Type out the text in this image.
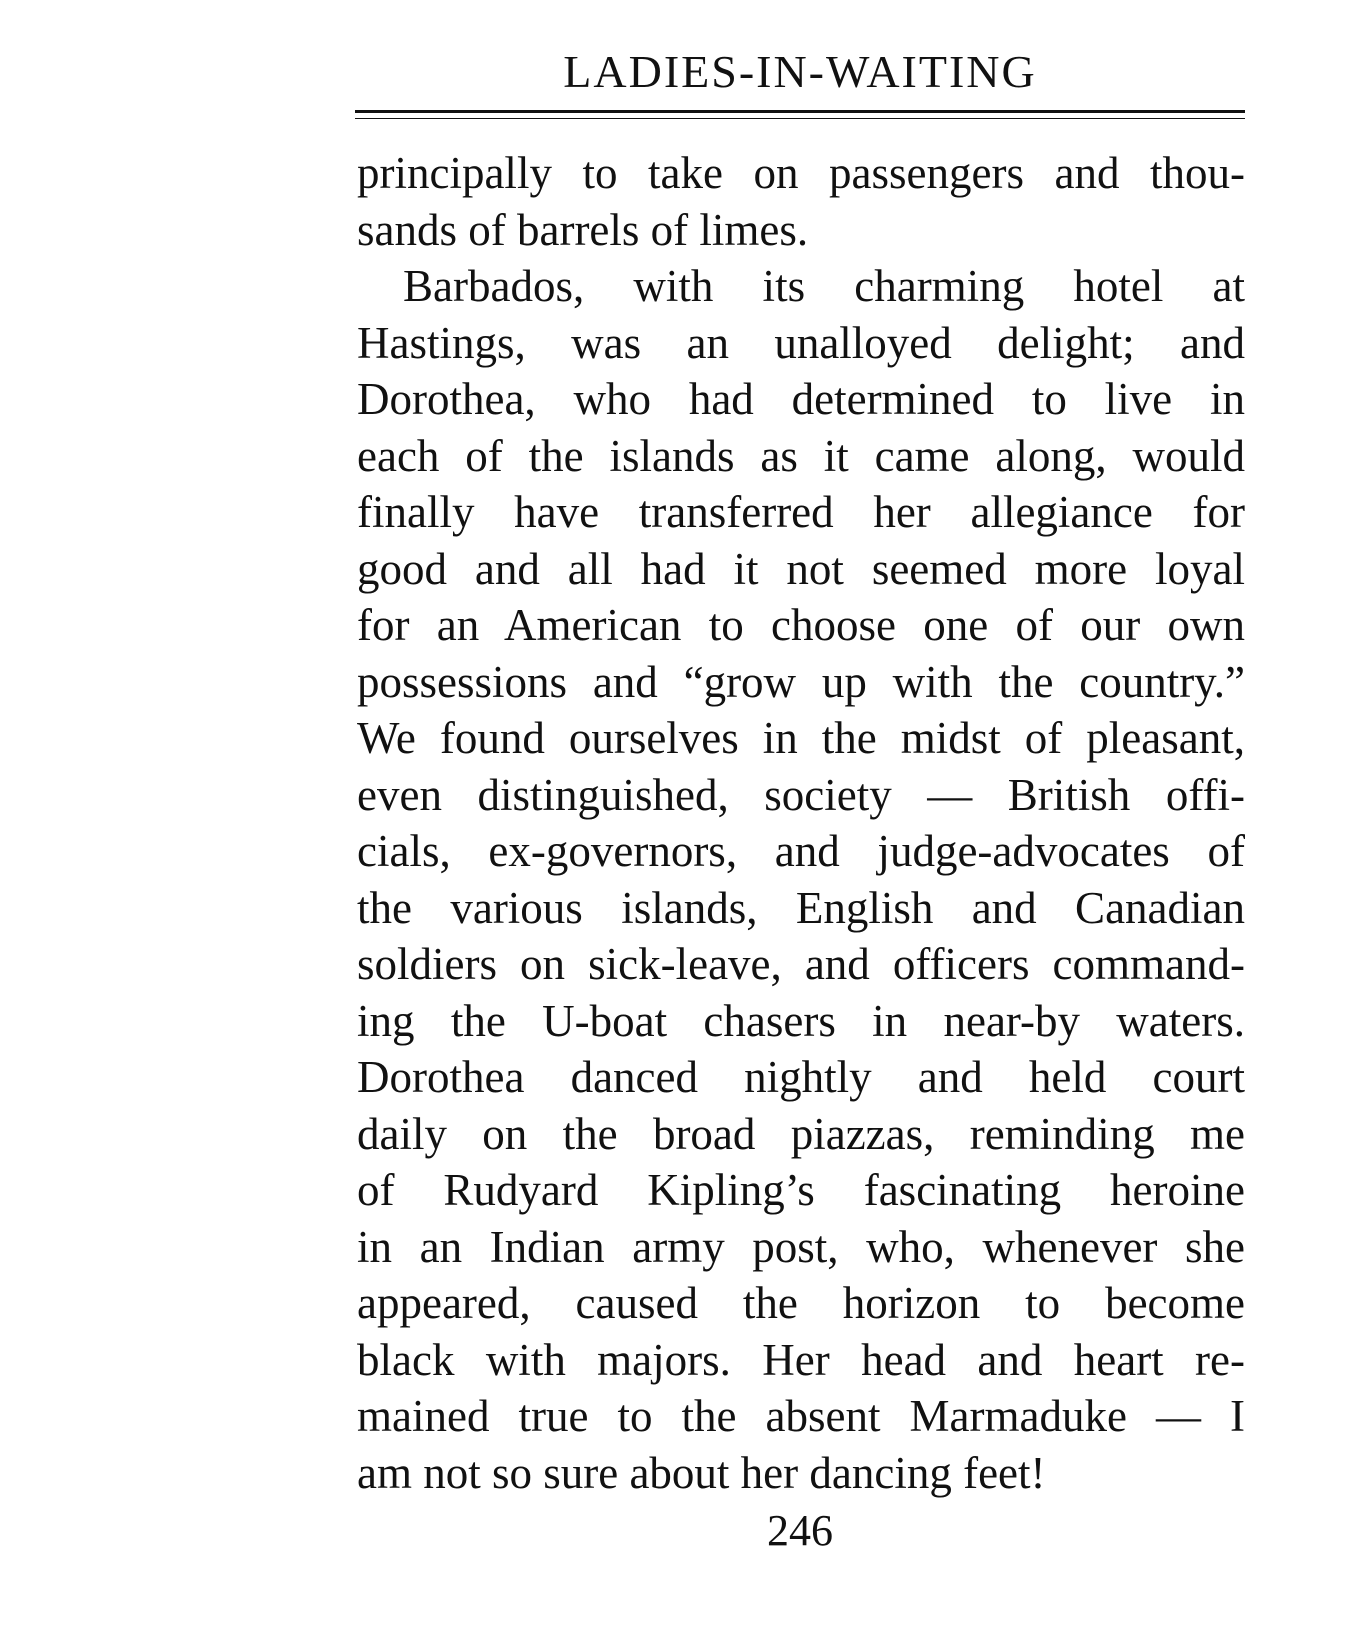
LADIES-IN-WAITING
principally to take on passengers and thou-
sands of barrels of limes.
Barbados, with its charming hotel at
Hastings, was an unalloyed delight; and
Dorothea, who had determined to live in
each of the islands as it came along, would
finally have transferred her allegiance for
good and all had it not seemed more loyal
for an American to choose one of our own
possessions and “grow up with the country.”
We found ourselves in the midst of pleasant,
even distinguished, society — British offi-
cials, ex-governors, and judge-advocates of
the various islands, English and Canadian
soldiers on sick-leave, and officers command-
ing the U-boat chasers in near-by waters.
Dorothea danced nightly and held court
daily on the broad piazzas, reminding me
of Rudyard Kipling’s fascinating heroine
in an Indian army post, who, whenever she
appeared, caused the horizon to become
black with majors. Her head and heart re-
mained true to the absent Marmaduke — I
am not so sure about her dancing feet!

246
